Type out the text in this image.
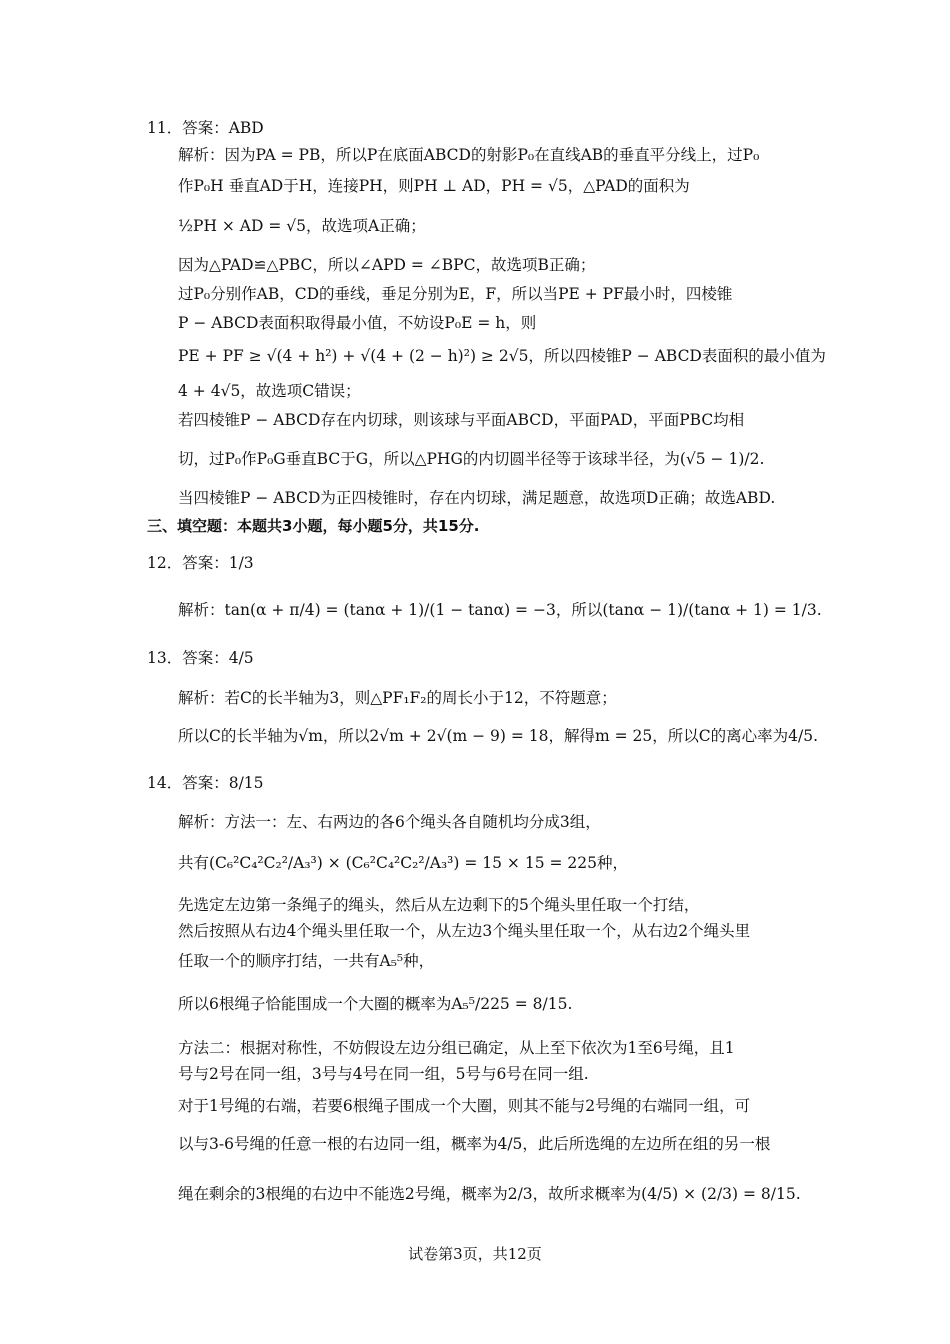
11．答案：ABD
解析：因为PA = PB，所以P在底面ABCD的射影P₀在直线AB的垂直平分线上，过P₀
作P₀H 垂直AD于H，连接PH，则PH ⊥ AD，PH = √5，△PAD的面积为
½PH × AD = √5，故选项A正确；
因为△PAD≌△PBC，所以∠APD = ∠BPC，故选项B正确；
过P₀分别作AB，CD的垂线，垂足分别为E，F，所以当PE + PF最小时，四棱锥
P − ABCD表面积取得最小值，不妨设P₀E = h，则
PE + PF ≥ √(4 + h²) + √(4 + (2 − h)²) ≥ 2√5，所以四棱锥P − ABCD表面积的最小值为
4 + 4√5，故选项C错误；
若四棱锥P − ABCD存在内切球，则该球与平面ABCD，平面PAD，平面PBC均相
切，过P₀作P₀G垂直BC于G，所以△PHG的内切圆半径等于该球半径，为(√5 − 1)/2.
当四棱锥P − ABCD为正四棱锥时，存在内切球，满足题意，故选项D正确；故选ABD.
三、填空题：本题共3小题，每小题5分，共15分.
12．答案：1/3
解析：tan(α + π/4) = (tanα + 1)/(1 − tanα) = −3，所以(tanα − 1)/(tanα + 1) = 1/3.
13．答案：4/5
解析：若C的长半轴为3，则△PF₁F₂的周长小于12，不符题意；
所以C的长半轴为√m，所以2√m + 2√(m − 9) = 18，解得m = 25，所以C的离心率为4/5.
14．答案：8/15
解析：方法一：左、右两边的各6个绳头各自随机均分成3组，
共有(C₆²C₄²C₂²/A₃³) × (C₆²C₄²C₂²/A₃³) = 15 × 15 = 225种，
先选定左边第一条绳子的绳头，然后从左边剩下的5个绳头里任取一个打结，
然后按照从右边4个绳头里任取一个，从左边3个绳头里任取一个，从右边2个绳头里
任取一个的顺序打结，一共有A₅⁵种，
所以6根绳子恰能围成一个大圈的概率为A₅⁵/225 = 8/15.
方法二：根据对称性，不妨假设左边分组已确定，从上至下依次为1至6号绳，且1
号与2号在同一组，3号与4号在同一组，5号与6号在同一组.
对于1号绳的右端，若要6根绳子围成一个大圈，则其不能与2号绳的右端同一组，可
以与3-6号绳的任意一根的右边同一组，概率为4/5，此后所选绳的左边所在组的另一根
绳在剩余的3根绳的右边中不能选2号绳，概率为2/3，故所求概率为(4/5) × (2/3) = 8/15.
试卷第3页，共12页
